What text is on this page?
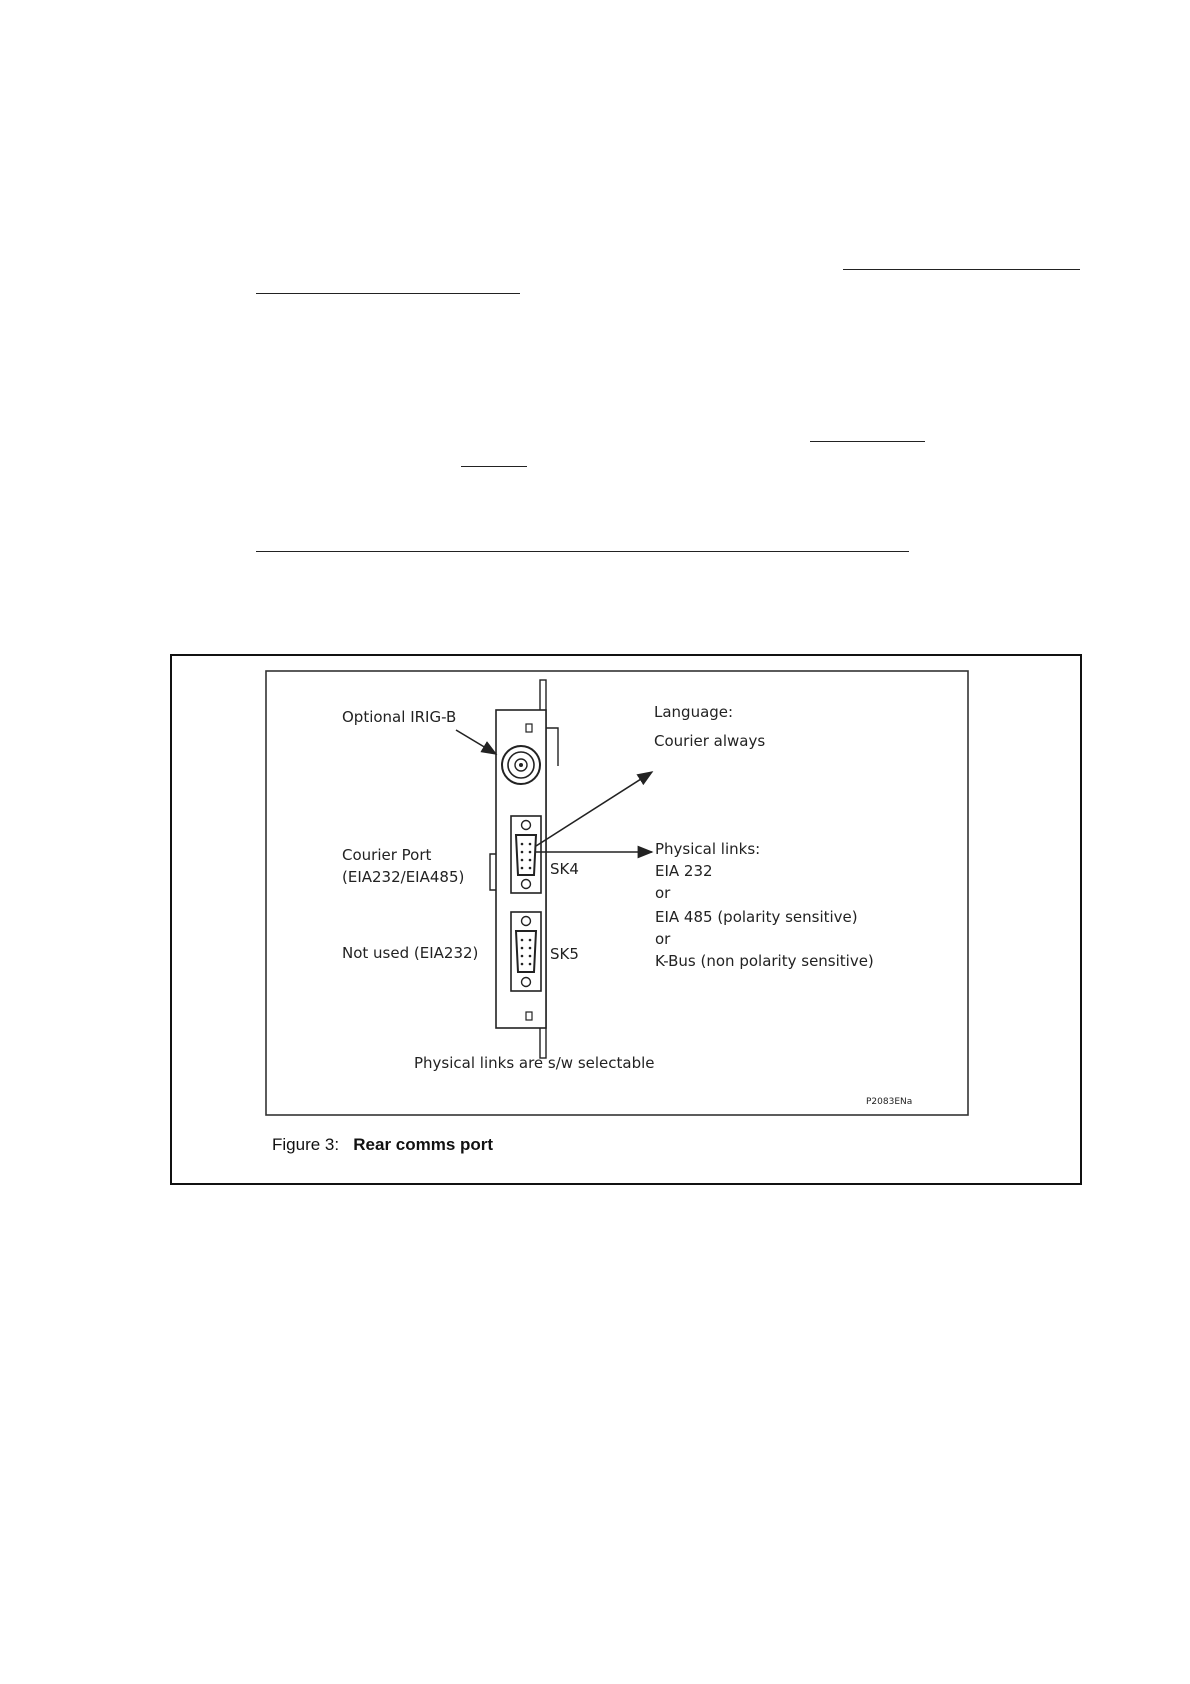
Optional IRIG-B
Courier Port
(EIA232/EIA485)
Not used (EIA232)
SK4
SK5
Language:
Courier always
Physical links:
EIA 232
or
EIA 485 (polarity sensitive)
or
K-Bus (non polarity sensitive)
Physical links are s/w selectable
P2083ENa
Figure 3: Rear comms port
